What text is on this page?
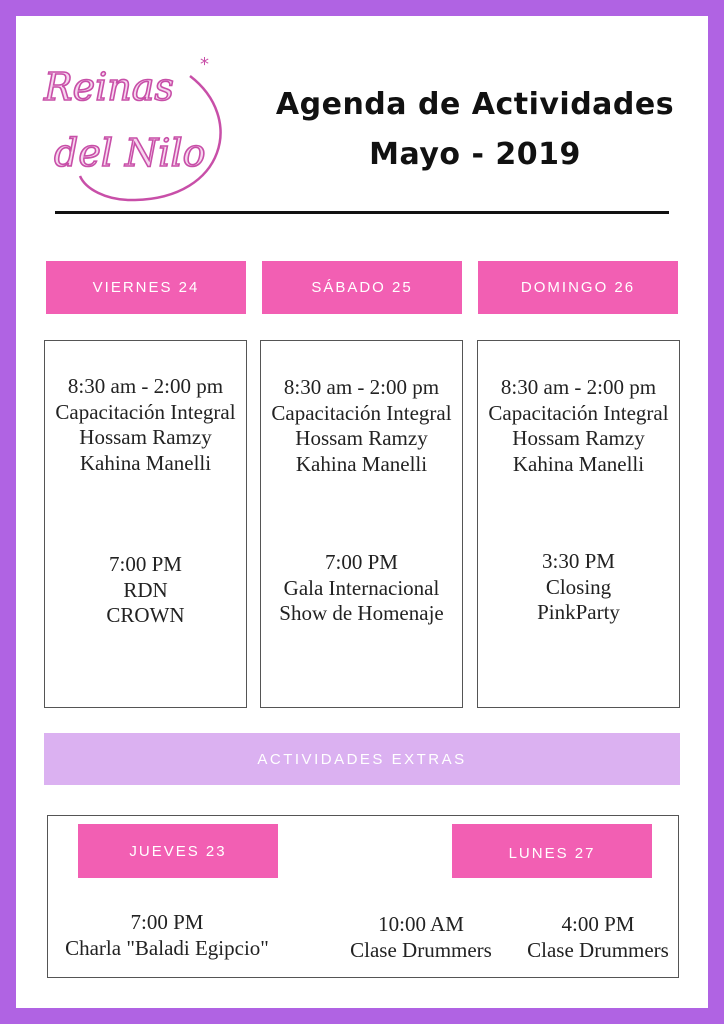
*
Reinas
del Nilo
Agenda de Actividades
Mayo - 2019
VIERNES 24	SÁBADO 25	DOMINGO 26
8:30 am - 2:00 pm
Capacitación Integral
Hossam Ramzy
Kahina Manelli
7:00 PM
RDN
CROWN
8:30 am - 2:00 pm
Capacitación Integral
Hossam Ramzy
Kahina Manelli
7:00 PM
Gala Internacional
Show de Homenaje
8:30 am - 2:00 pm
Capacitación Integral
Hossam Ramzy
Kahina Manelli
3:30 PM
Closing
PinkParty
ACTIVIDADES EXTRAS
JUEVES 23	LUNES 27
7:00 PM
Charla "Baladi Egipcio"
10:00 AM
Clase Drummers
4:00 PM
Clase Drummers
